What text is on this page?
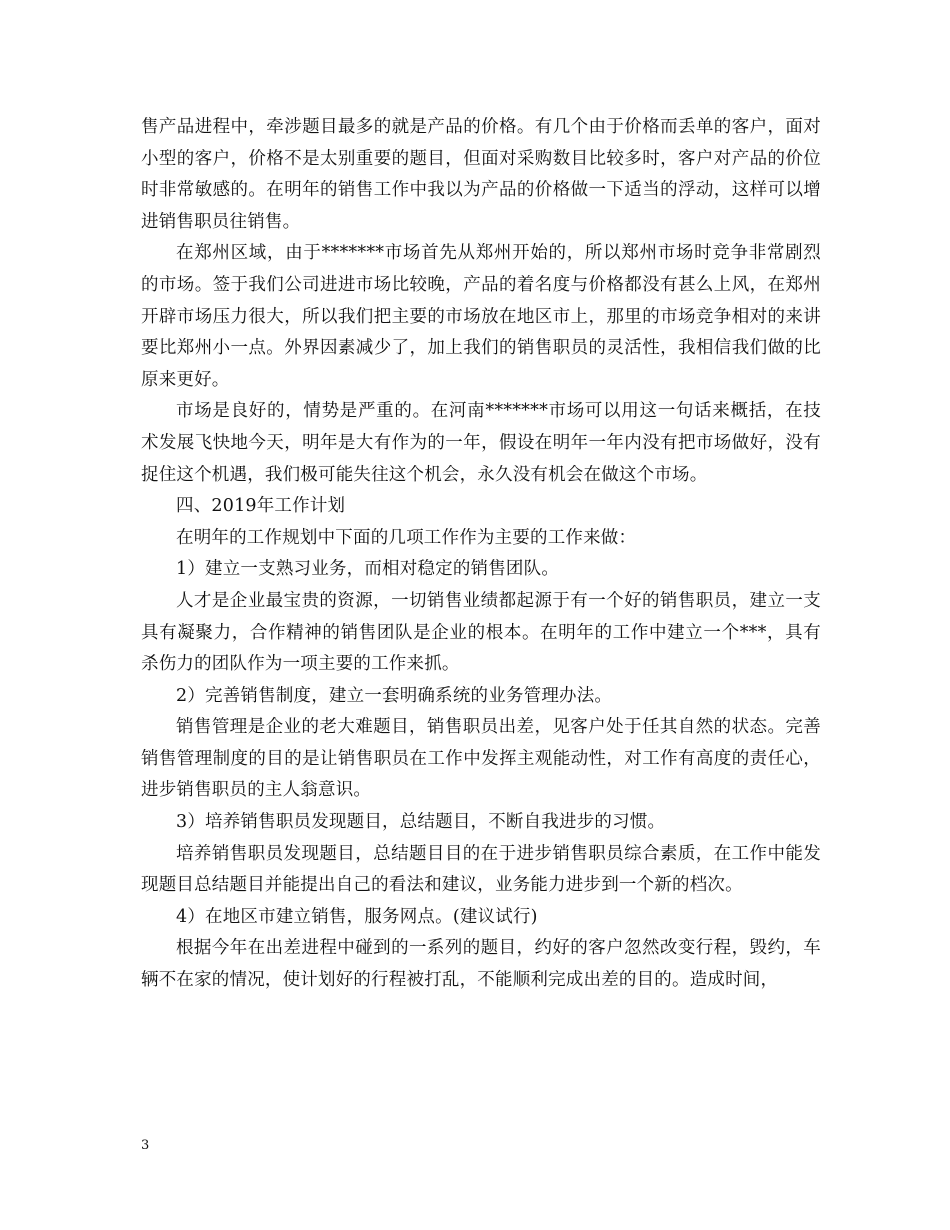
售产品进程中，牵涉题目最多的就是产品的价格。有几个由于价格而丢单的客户，面对小型的客户，价格不是太别重要的题目，但面对采购数目比较多时，客户对产品的价位时非常敏感的。在明年的销售工作中我以为产品的价格做一下适当的浮动，这样可以增进销售职员往销售。

在郑州区域，由于*******市场首先从郑州开始的，所以郑州市场时竞争非常剧烈的市场。签于我们公司进进市场比较晚，产品的着名度与价格都没有甚么上风，在郑州开辟市场压力很大，所以我们把主要的市场放在地区市上，那里的市场竞争相对的来讲要比郑州小一点。外界因素减少了，加上我们的销售职员的灵活性，我相信我们做的比原来更好。

市场是良好的，情势是严重的。在河南*******市场可以用这一句话来概括，在技术发展飞快地今天，明年是大有作为的一年，假设在明年一年内没有把市场做好，没有捉住这个机遇，我们极可能失往这个机会，永久没有机会在做这个市场。

四、2019年工作计划

在明年的工作规划中下面的几项工作作为主要的工作来做：

1）建立一支熟习业务，而相对稳定的销售团队。

人才是企业最宝贵的资源，一切销售业绩都起源于有一个好的销售职员，建立一支具有凝聚力，合作精神的销售团队是企业的根本。在明年的工作中建立一个***，具有杀伤力的团队作为一项主要的工作来抓。

2）完善销售制度，建立一套明确系统的业务管理办法。

销售管理是企业的老大难题目，销售职员出差，见客户处于任其自然的状态。完善销售管理制度的目的是让销售职员在工作中发挥主观能动性，对工作有高度的责任心，进步销售职员的主人翁意识。

3）培养销售职员发现题目，总结题目，不断自我进步的习惯。

培养销售职员发现题目，总结题目目的在于进步销售职员综合素质，在工作中能发现题目总结题目并能提出自己的看法和建议，业务能力进步到一个新的档次。

4）在地区市建立销售，服务网点。(建议试行)

根据今年在出差进程中碰到的一系列的题目，约好的客户忽然改变行程，毁约，车辆不在家的情况，使计划好的行程被打乱，不能顺利完成出差的目的。造成时间，

3
